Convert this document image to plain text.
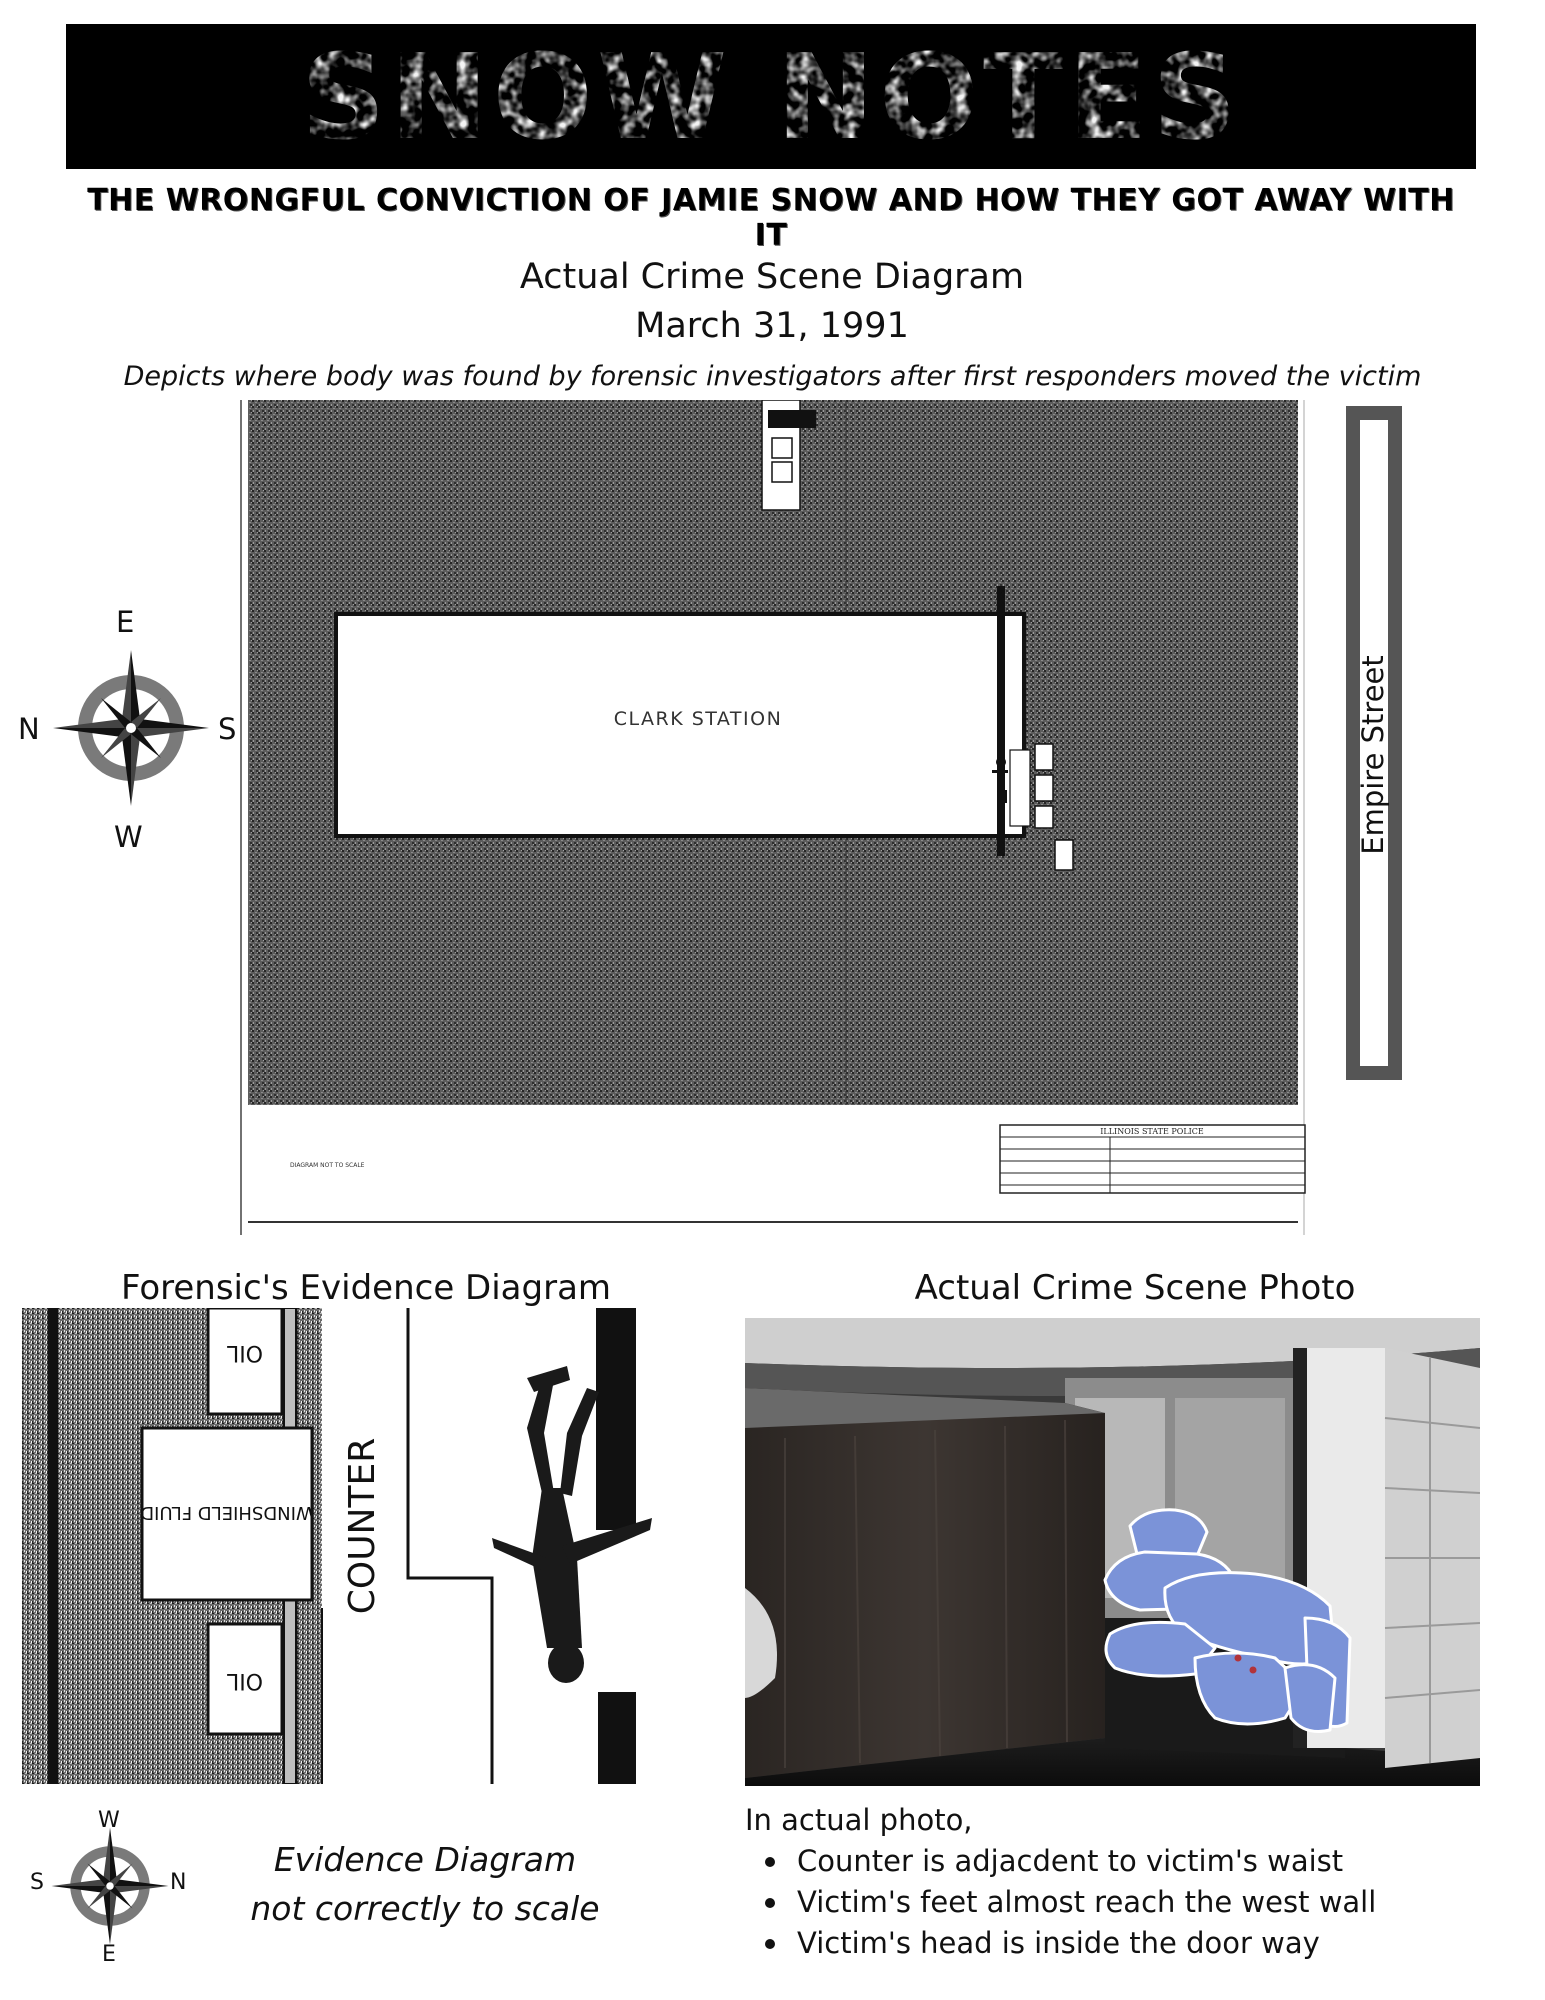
SNOW NOTES
THE WRONGFUL CONVICTION OF JAMIE SNOW AND HOW THEY GOT AWAY WITH IT
Actual Crime Scene Diagram
March 31, 1991
Depicts where body was found by forensic investigators after first responders moved the victim
CLARK STATION
DIAGRAM NOT TO SCALE
ILLINOIS STATE POLICE
Empire Street
E
N	S
W
Forensic's Evidence Diagram	Actual Crime Scene Photo
OIL
WINDSHIELD FLUID
OIL
COUNTER
W
S	N
E
Evidence Diagram
not correctly to scale
In actual photo,
Counter is adjacdent to victim's waist
Victim's feet almost reach the west wall
Victim's head is inside the door way
